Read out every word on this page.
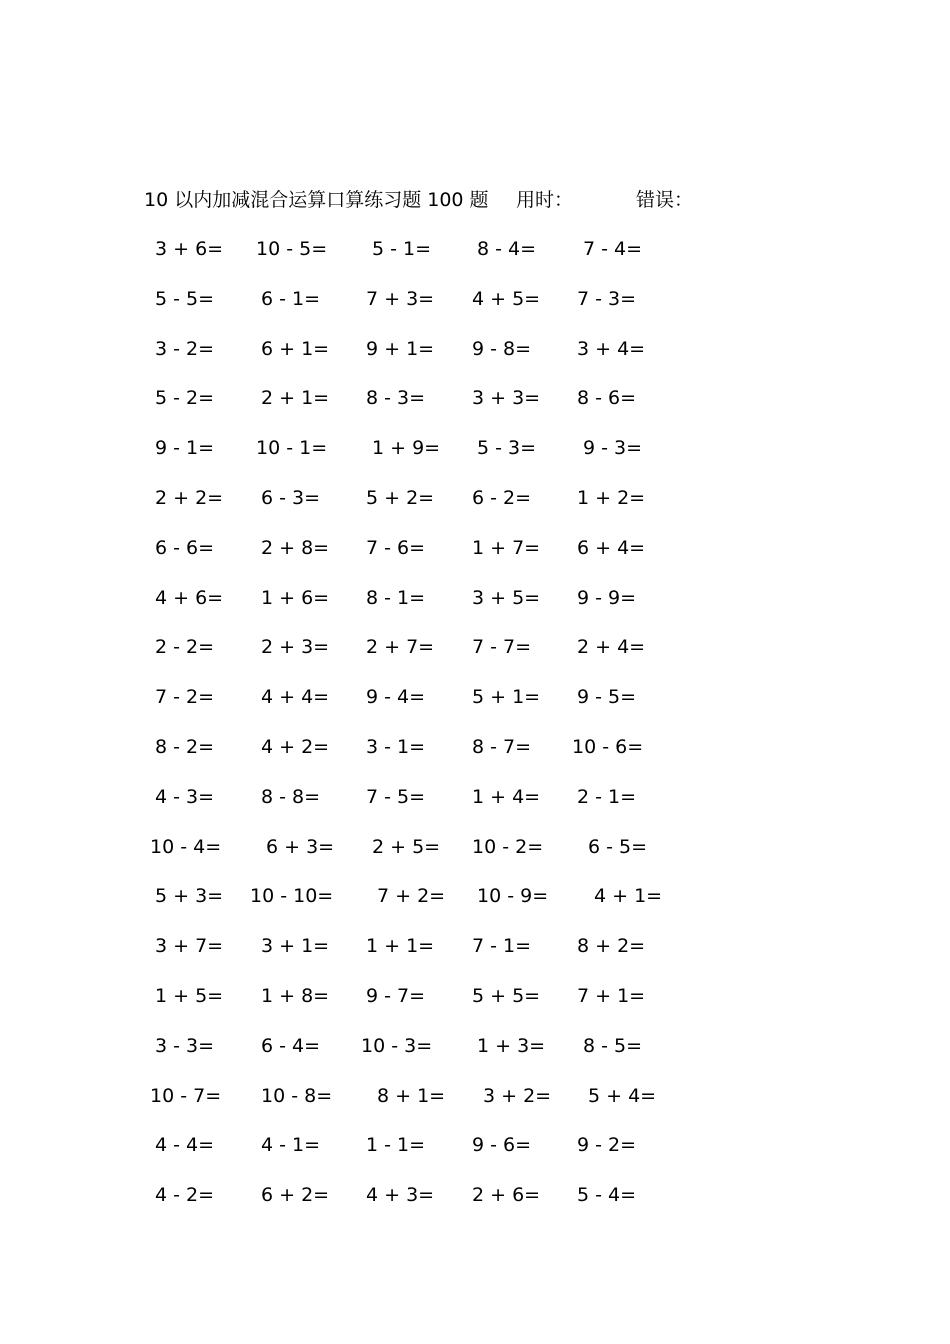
10 以内加减混合运算口算练习题 100 题 用时：	错误：
3 + 6= 10 - 5= 5 - 1= 8 - 4= 7 - 4=
5 - 5= 6 - 1= 7 + 3= 4 + 5= 7 - 3=
3 - 2= 6 + 1= 9 + 1= 9 - 8= 3 + 4=
5 - 2= 2 + 1= 8 - 3= 3 + 3= 8 - 6=
9 - 1= 10 - 1= 1 + 9= 5 - 3= 9 - 3=
2 + 2= 6 - 3= 5 + 2= 6 - 2= 1 + 2=
6 - 6= 2 + 8= 7 - 6= 1 + 7= 6 + 4=
4 + 6= 1 + 6= 8 - 1= 3 + 5= 9 - 9=
2 - 2= 2 + 3= 2 + 7= 7 - 7= 2 + 4=
7 - 2= 4 + 4= 9 - 4= 5 + 1= 9 - 5=
8 - 2= 4 + 2= 3 - 1= 8 - 7= 10 - 6=
4 - 3= 8 - 8= 7 - 5= 1 + 4= 2 - 1=
10 - 4= 6 + 3= 2 + 5= 10 - 2= 6 - 5=
5 + 3= 10 - 10= 7 + 2= 10 - 9= 4 + 1=
3 + 7= 3 + 1= 1 + 1= 7 - 1= 8 + 2=
1 + 5= 1 + 8= 9 - 7= 5 + 5= 7 + 1=
3 - 3= 6 - 4= 10 - 3= 1 + 3= 8 - 5=
10 - 7= 10 - 8= 8 + 1= 3 + 2= 5 + 4=
4 - 4= 4 - 1= 1 - 1= 9 - 6= 9 - 2=
4 - 2= 6 + 2= 4 + 3= 2 + 6= 5 - 4=
